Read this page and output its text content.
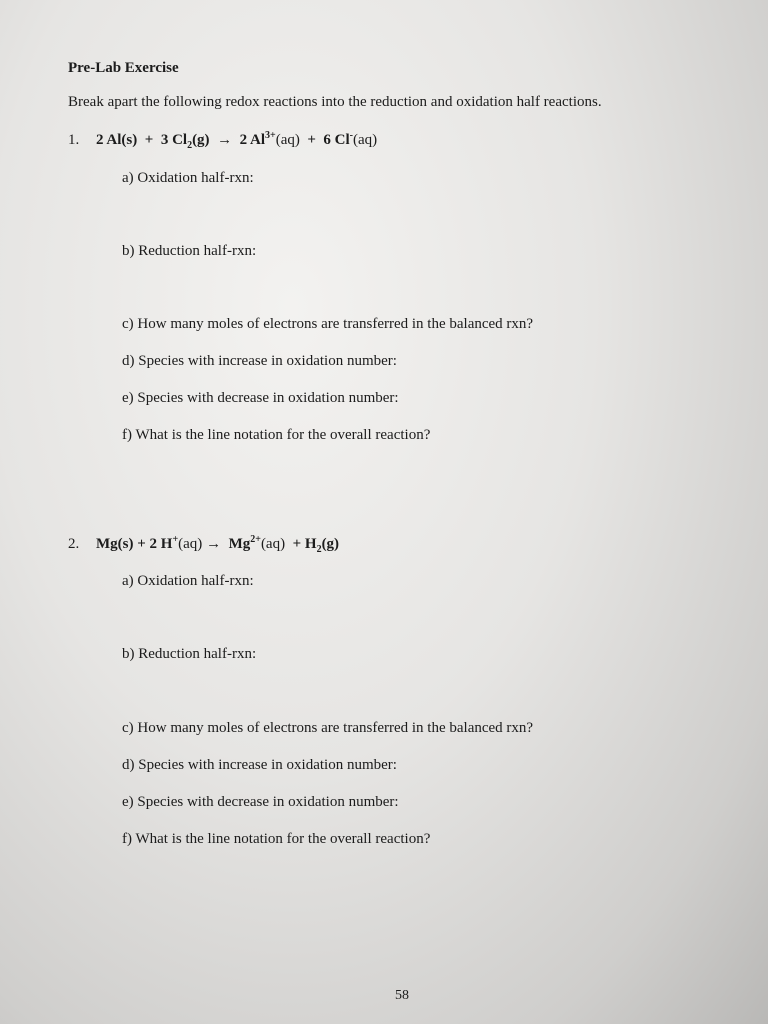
Pre-Lab Exercise
Break apart the following redox reactions into the reduction and oxidation half reactions.
1. 2 Al(s) + 3 $Cl_2(g) \to 2$ $Al^{3+}(aq) + 6$ Cl-(aq)
a) Oxidation half-rxn:
b) Reduction half-rxn:
c) How many moles of electrons are transferred in the balanced rxn?
d) Species with increase in oxidation number:
e) Species with decrease in oxidation number:
f) What is the line notation for the overall reaction?
2. Mg(s) + 2 $H^+(aq) \to Mg^{2+}(aq) + H_2(g)$
a) Oxidation half-rxn:
b) Reduction half-rxn:
c) How many moles of electrons are transferred in the balanced rxn?
d) Species with increase in oxidation number:
e) Species with decrease in oxidation number:
f) What is the line notation for the overall reaction?
58
